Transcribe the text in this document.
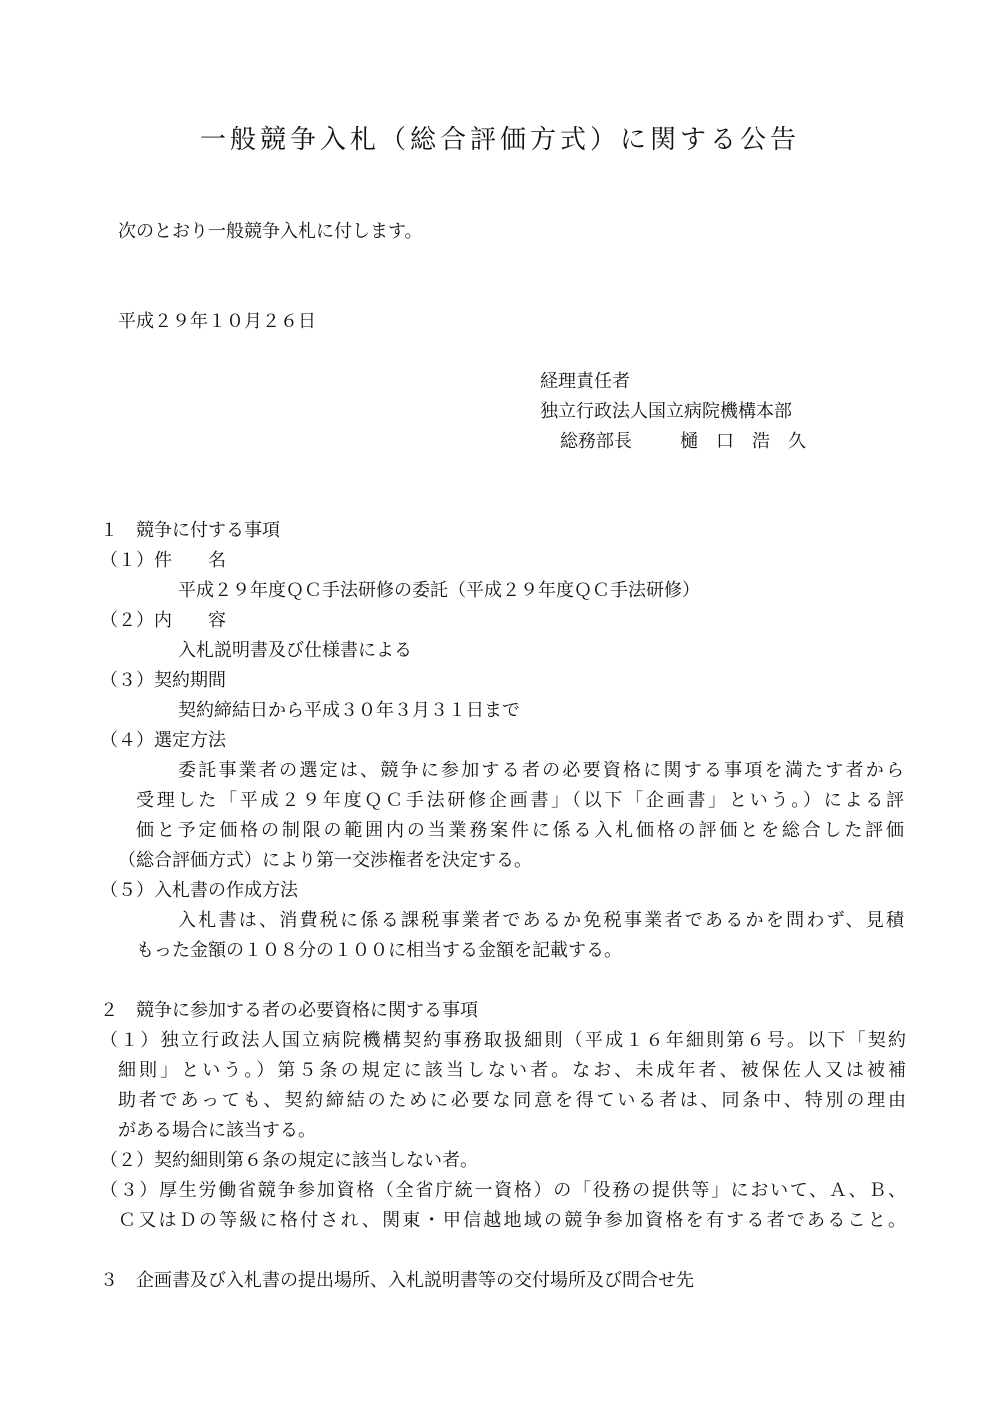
一般競争入札（総合評価方式）に関する公告

次のとおり一般競争入札に付します。

平成２９年１０月２６日

経理責任者

独立行政法人国立病院機構本部

総務部長	樋　口　浩　久

１　競争に付する事項

（１）件　　名

平成２９年度ＱＣ手法研修の委託（平成２９年度ＱＣ手法研修）

（２）内　　容

入札説明書及び仕様書による

（３）契約期間

契約締結日から平成３０年３月３１日まで

（４）選定方法

委託事業者の選定は、競争に参加する者の必要資格に関する事項を満たす者から

受理した「平成２９年度ＱＣ手法研修企画書」（以下「企画書」という。）による評

価と予定価格の制限の範囲内の当業務案件に係る入札価格の評価とを総合した評価

（総合評価方式）により第一交渉権者を決定する。

（５）入札書の作成方法

入札書は、消費税に係る課税事業者であるか免税事業者であるかを問わず、見積

もった金額の１０８分の１００に相当する金額を記載する。

２　競争に参加する者の必要資格に関する事項

（１）独立行政法人国立病院機構契約事務取扱細則（平成１６年細則第６号。以下「契約

細則」という。）第５条の規定に該当しない者。なお、未成年者、被保佐人又は被補

助者であっても、契約締結のために必要な同意を得ている者は、同条中、特別の理由

がある場合に該当する。

（２）契約細則第６条の規定に該当しない者。

（３）厚生労働省競争参加資格（全省庁統一資格）の「役務の提供等」において、Ａ、Ｂ、

Ｃ又はＤの等級に格付され、関東・甲信越地域の競争参加資格を有する者であること。

３　企画書及び入札書の提出場所、入札説明書等の交付場所及び問合せ先
